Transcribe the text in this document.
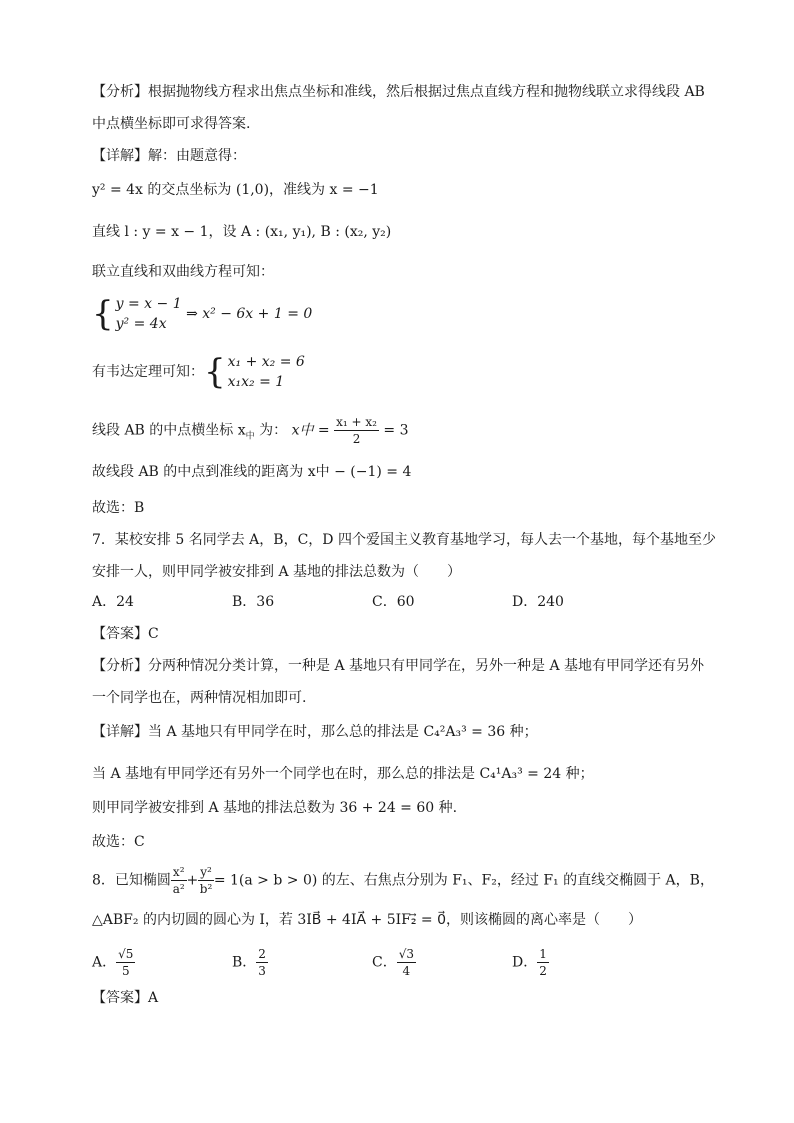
【分析】根据抛物线方程求出焦点坐标和准线，然后根据过焦点直线方程和抛物线联立求得线段 AB
中点横坐标即可求得答案.
【详解】解：由题意得：
y² = 4x 的交点坐标为 (1,0)，准线为 x = −1
直线 l : y = x − 1，设 A : (x₁, y₁), B : (x₂, y₂)
联立直线和双曲线方程可知：
{ y = x − 1
y² = 4x
⇒ x² − 6x + 1 = 0
有韦达定理可知：{ x₁ + x₂ = 6
x₁x₂ = 1
线段 AB 的中点横坐标 $x_中$ 为： x中 = $\frac{\text{x₁ + x₂}}{2} = 3$
故线段 AB 的中点到准线的距离为 x中 − (−1) = 4
故选：B
7．某校安排 5 名同学去 A，B，C，D 四个爱国主义教育基地学习，每人去一个基地，每个基地至少
安排一人，则甲同学被安排到 A 基地的排法总数为（　　）
A．24	B．36	C．60	D．240
【答案】C
【分析】分两种情况分类计算，一种是 A 基地只有甲同学在，另外一种是 A 基地有甲同学还有另外
一个同学也在，两种情况相加即可.
【详解】当 A 基地只有甲同学在时，那么总的排法是 C₄²A₃³ = 36 种；
当 A 基地有甲同学还有另外一个同学也在时，那么总的排法是 C₄¹A₃³ = 24 种；
则甲同学被安排到 A 基地的排法总数为 36 + 24 = 60 种.
故选：C
8．已知椭圆 $\frac{\text{x²}}{\text{a²}} + \frac{\text{y²}}{\text{b²}} = 1(a > b > 0)$ 的左、右焦点分别为 F₁、F₂，经过 F₁ 的直线交椭圆于 A，B，
△ABF₂ 的内切圆的圆心为 I，若 3IB⃗ + 4IA⃗ + 5IF₂⃗ = 0⃗，则该椭圆的离心率是（　　）
A． $\frac{√5}{5}$	B． $\frac{2}{3}$	C． $\frac{√3}{4}$	D． $\frac{1}{2}$
【答案】A
